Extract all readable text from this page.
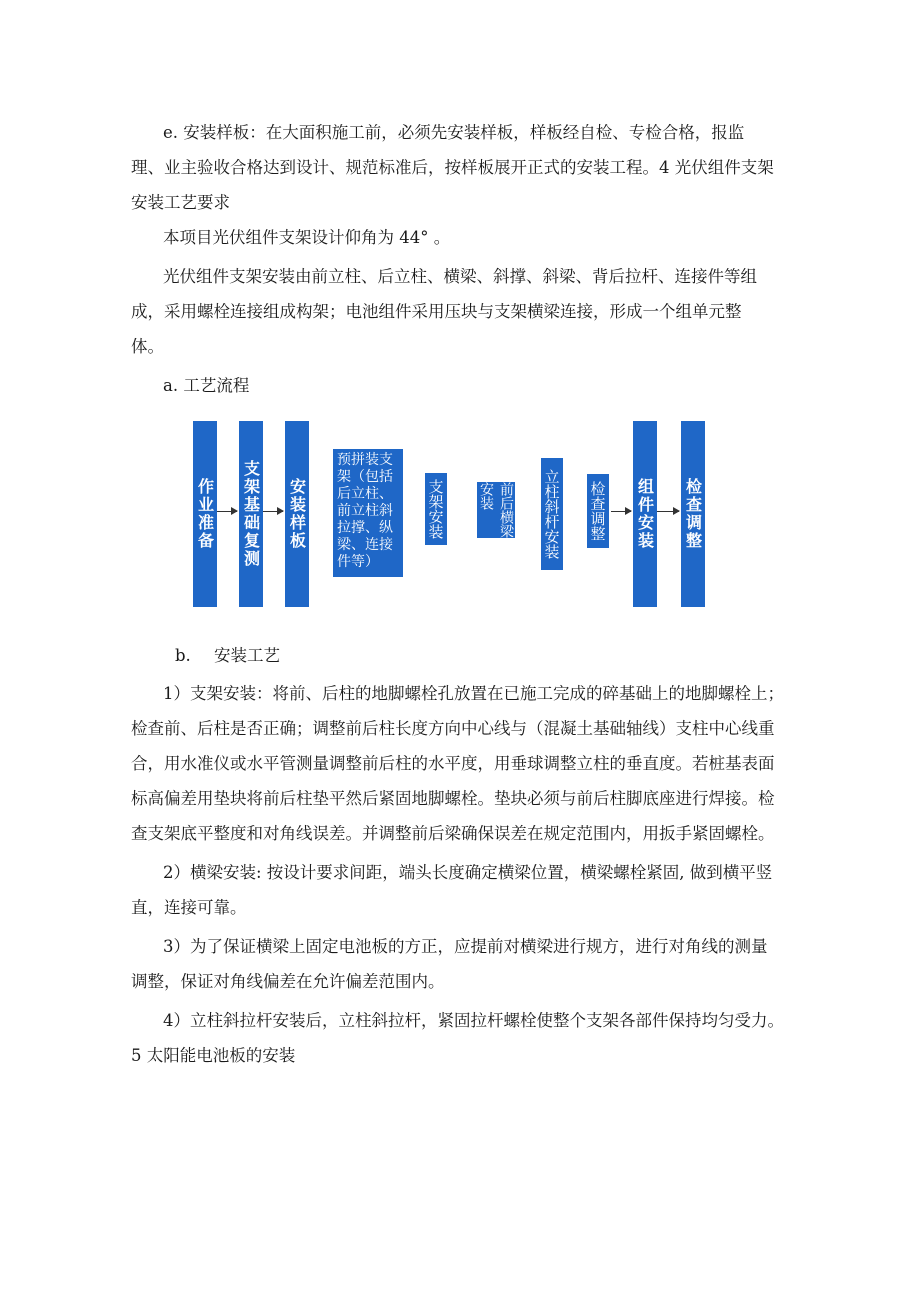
e. 安装样板：在大面积施工前，必须先安装样板，样板经自检、专检合格，报监
理、业主验收合格达到设计、规范标准后，按样板展开正式的安装工程。4 光伏组件支架
安装工艺要求
本项目光伏组件支架设计仰角为 44° 。
光伏组件支架安装由前立柱、后立柱、横梁、斜撑、斜梁、背后拉杆、连接件等组
成，采用螺栓连接组成构架；电池组件采用压块与支架横梁连接，形成一个组单元整
体。
a. 工艺流程
作业准备 支架基础复测 安装样板
预拼装支架（包括后立柱、前立柱斜拉撑、纵梁、连接件等）
支架安装	前后横梁安装	立柱斜杆安装 检查调整 组件安装 检查调整
b. 安装工艺
1）支架安装：将前、后柱的地脚螺栓孔放置在已施工完成的碎基础上的地脚螺栓上；
检查前、后柱是否正确；调整前后柱长度方向中心线与（混凝土基础轴线）支柱中心线重
合，用水准仪或水平管测量调整前后柱的水平度，用垂球调整立柱的垂直度。若桩基表面
标高偏差用垫块将前后柱垫平然后紧固地脚螺栓。垫块必须与前后柱脚底座进行焊接。检
查支架底平整度和对角线误差。并调整前后梁确保误差在规定范围内，用扳手紧固螺栓。
2）横梁安装: 按设计要求间距，端头长度确定横梁位置，横梁螺栓紧固, 做到横平竖
直，连接可靠。
3）为了保证横梁上固定电池板的方正，应提前对横梁进行规方，进行对角线的测量
调整，保证对角线偏差在允许偏差范围内。
4）立柱斜拉杆安装后，立柱斜拉杆，紧固拉杆螺栓使整个支架各部件保持均匀受力。
5 太阳能电池板的安装
